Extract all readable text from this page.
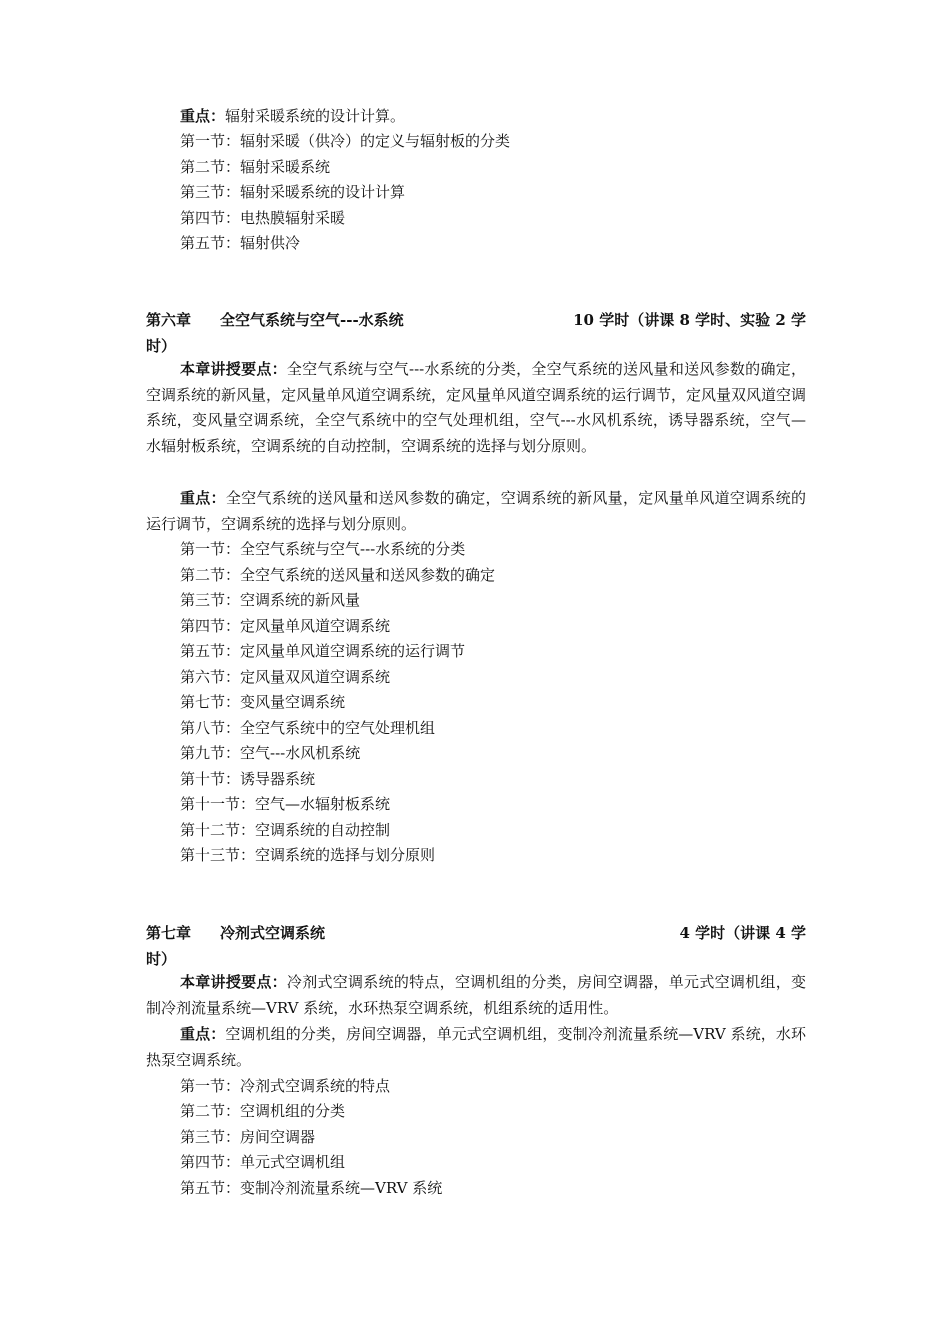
重点：辐射采暖系统的设计计算。
第一节：辐射采暖（供冷）的定义与辐射板的分类
第二节：辐射采暖系统
第三节：辐射采暖系统的设计计算
第四节：电热膜辐射采暖
第五节：辐射供冷
第六章 全空气系统与空气---水系统	10 学时（讲课 8 学时、实验 2 学
时）
本章讲授要点：全空气系统与空气---水系统的分类，全空气系统的送风量和送风参数的确定，空调系统的新风量，定风量单风道空调系统，定风量单风道空调系统的运行调节，定风量双风道空调系统，变风量空调系统，全空气系统中的空气处理机组，空气---水风机系统，诱导器系统，空气—水辐射板系统，空调系统的自动控制，空调系统的选择与划分原则。
重点：全空气系统的送风量和送风参数的确定，空调系统的新风量，定风量单风道空调系统的运行调节，空调系统的选择与划分原则。
第一节：全空气系统与空气---水系统的分类
第二节：全空气系统的送风量和送风参数的确定
第三节：空调系统的新风量
第四节：定风量单风道空调系统
第五节：定风量单风道空调系统的运行调节
第六节：定风量双风道空调系统
第七节：变风量空调系统
第八节：全空气系统中的空气处理机组
第九节：空气---水风机系统
第十节：诱导器系统
第十一节：空气—水辐射板系统
第十二节：空调系统的自动控制
第十三节：空调系统的选择与划分原则
第七章 冷剂式空调系统	4 学时（讲课 4 学
时）
本章讲授要点：冷剂式空调系统的特点，空调机组的分类，房间空调器，单元式空调机组，变制冷剂流量系统—VRV 系统，水环热泵空调系统，机组系统的适用性。
重点：空调机组的分类，房间空调器，单元式空调机组，变制冷剂流量系统—VRV 系统，水环热泵空调系统。
第一节：冷剂式空调系统的特点
第二节：空调机组的分类
第三节：房间空调器
第四节：单元式空调机组
第五节：变制冷剂流量系统—VRV 系统
